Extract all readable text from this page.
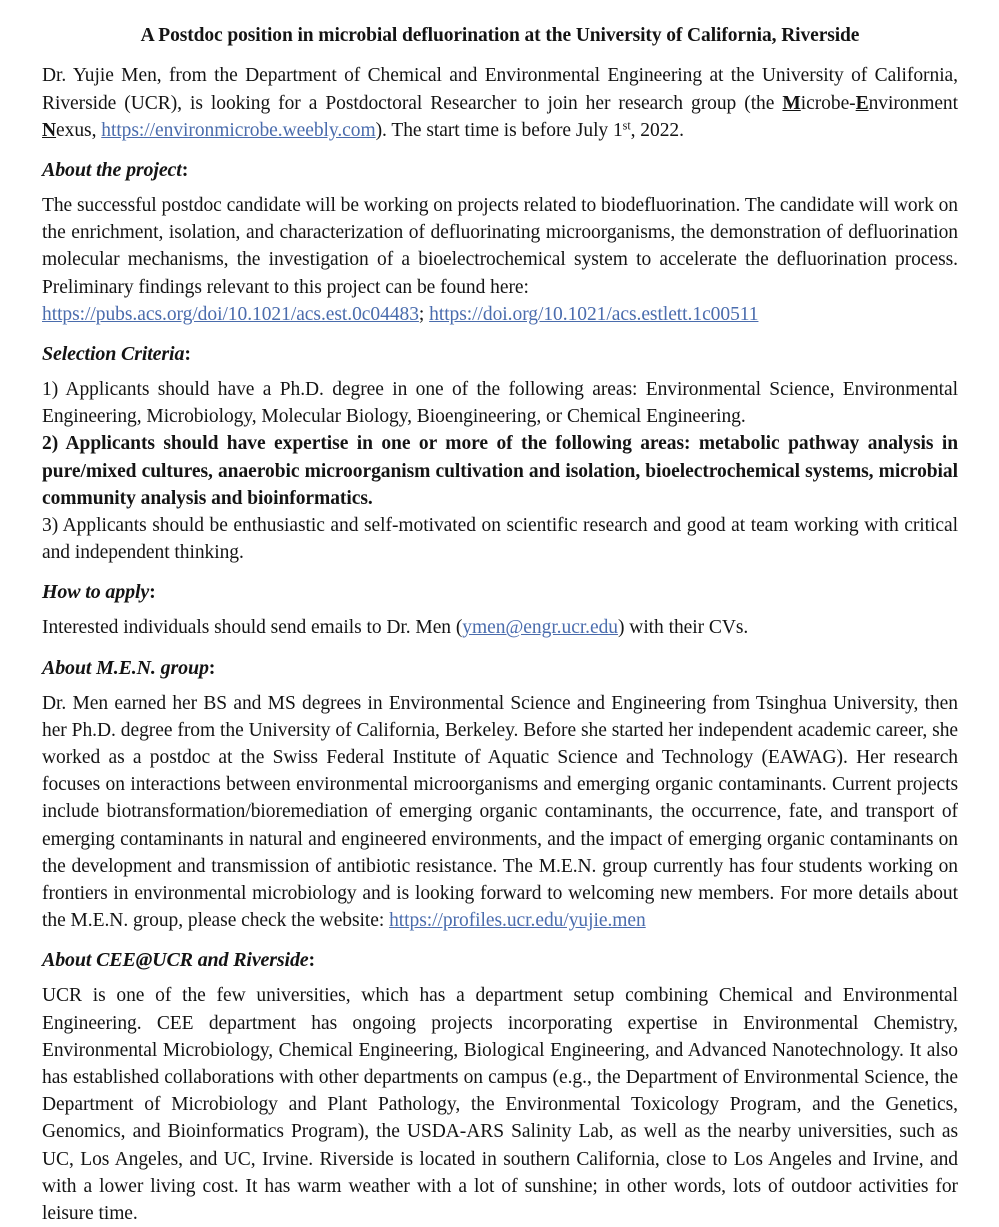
A Postdoc position in microbial defluorination at the University of California, Riverside

Dr. Yujie Men, from the Department of Chemical and Environmental Engineering at the University of California, Riverside (UCR), is looking for a Postdoctoral Researcher to join her research group (the Microbe-Environment Nexus, https://environmicrobe.weebly.com). The start time is before July 1st, 2022.

About the project:

The successful postdoc candidate will be working on projects related to biodefluorination. The candidate will work on the enrichment, isolation, and characterization of defluorinating microorganisms, the demonstration of defluorination molecular mechanisms, the investigation of a bioelectrochemical system to accelerate the defluorination process. Preliminary findings relevant to this project can be found here:

https://pubs.acs.org/doi/10.1021/acs.est.0c04483; https://doi.org/10.1021/acs.estlett.1c00511

Selection Criteria:

1) Applicants should have a Ph.D. degree in one of the following areas: Environmental Science, Environmental Engineering, Microbiology, Molecular Biology, Bioengineering, or Chemical Engineering.

2) Applicants should have expertise in one or more of the following areas: metabolic pathway analysis in pure/mixed cultures, anaerobic microorganism cultivation and isolation, bioelectrochemical systems, microbial community analysis and bioinformatics.

3) Applicants should be enthusiastic and self-motivated on scientific research and good at team working with critical and independent thinking.

How to apply:

Interested individuals should send emails to Dr. Men (ymen@engr.ucr.edu) with their CVs.

About M.E.N. group:

Dr. Men earned her BS and MS degrees in Environmental Science and Engineering from Tsinghua University, then her Ph.D. degree from the University of California, Berkeley. Before she started her independent academic career, she worked as a postdoc at the Swiss Federal Institute of Aquatic Science and Technology (EAWAG). Her research focuses on interactions between environmental microorganisms and emerging organic contaminants. Current projects include biotransformation/bioremediation of emerging organic contaminants, the occurrence, fate, and transport of emerging contaminants in natural and engineered environments, and the impact of emerging organic contaminants on the development and transmission of antibiotic resistance. The M.E.N. group currently has four students working on frontiers in environmental microbiology and is looking forward to welcoming new members. For more details about the M.E.N. group, please check the website: https://profiles.ucr.edu/yujie.men

About CEE@UCR and Riverside:

UCR is one of the few universities, which has a department setup combining Chemical and Environmental Engineering. CEE department has ongoing projects incorporating expertise in Environmental Chemistry, Environmental Microbiology, Chemical Engineering, Biological Engineering, and Advanced Nanotechnology. It also has established collaborations with other departments on campus (e.g., the Department of Environmental Science, the Department of Microbiology and Plant Pathology, the Environmental Toxicology Program, and the Genetics, Genomics, and Bioinformatics Program), the USDA-ARS Salinity Lab, as well as the nearby universities, such as UC, Los Angeles, and UC, Irvine. Riverside is located in southern California, close to Los Angeles and Irvine, and with a lower living cost. It has warm weather with a lot of sunshine; in other words, lots of outdoor activities for leisure time.
